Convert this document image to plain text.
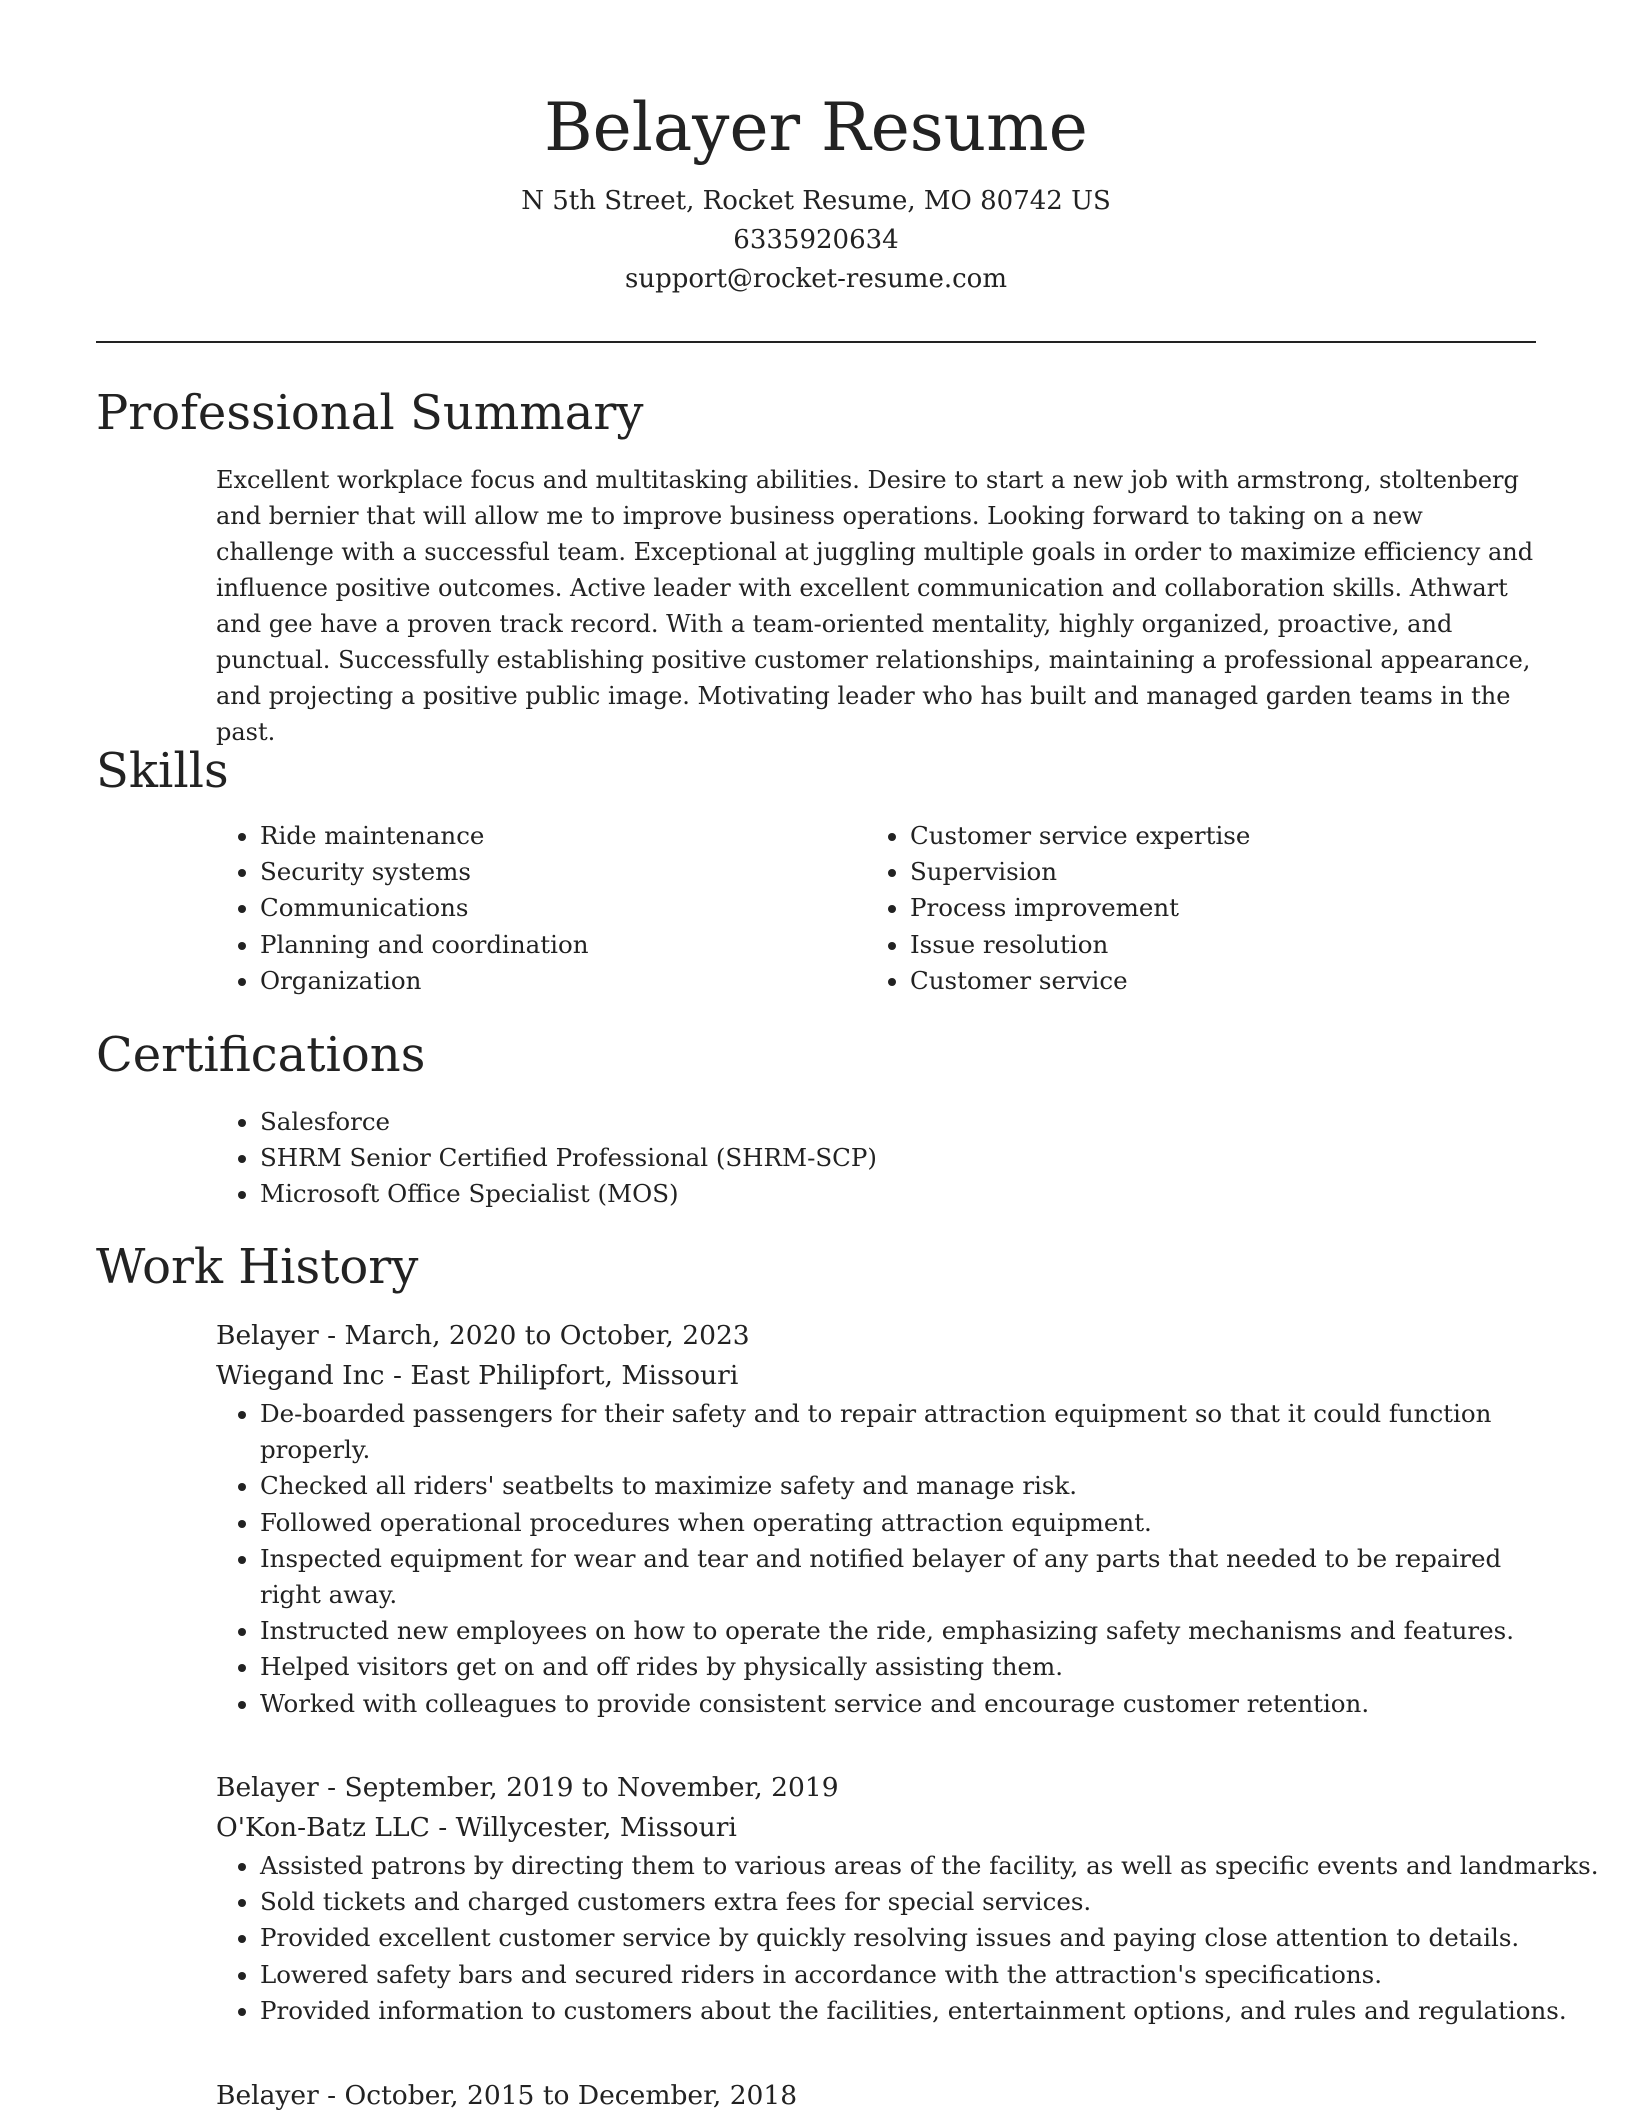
Belayer Resume

N 5th Street, Rocket Resume, MO 80742 US

6335920634

support@rocket-resume.com

Professional Summary

Excellent workplace focus and multitasking abilities. Desire to start a new job with armstrong, stoltenberg and bernier that will allow me to improve business operations. Looking forward to taking on a new challenge with a successful team. Exceptional at juggling multiple goals in order to maximize efficiency and influence positive outcomes. Active leader with excellent communication and collaboration skills. Athwart and gee have a proven track record. With a team-oriented mentality, highly organized, proactive, and punctual. Successfully establishing positive customer relationships, maintaining a professional appearance, and projecting a positive public image. Motivating leader who has built and managed garden teams in the past.

Skills
• Ride maintenance
• Security systems
• Communications
• Planning and coordination
• Organization
• Customer service expertise
• Supervision
• Process improvement
• Issue resolution
• Customer service
Certifications
• Salesforce
• SHRM Senior Certified Professional (SHRM-SCP)
• Microsoft Office Specialist (MOS)
Work History

Belayer - March, 2020 to October, 2023

Wiegand Inc - East Philipfort, Missouri

• De-boarded passengers for their safety and to repair attraction equipment so that it could function properly.
• Checked all riders' seatbelts to maximize safety and manage risk.
• Followed operational procedures when operating attraction equipment.
• Inspected equipment for wear and tear and notified belayer of any parts that needed to be repaired right away.
• Instructed new employees on how to operate the ride, emphasizing safety mechanisms and features.
• Helped visitors get on and off rides by physically assisting them.
• Worked with colleagues to provide consistent service and encourage customer retention.

Belayer - September, 2019 to November, 2019

O'Kon-Batz LLC - Willycester, Missouri

• Assisted patrons by directing them to various areas of the facility, as well as specific events and landmarks.
• Sold tickets and charged customers extra fees for special services.
• Provided excellent customer service by quickly resolving issues and paying close attention to details.
• Lowered safety bars and secured riders in accordance with the attraction's specifications.
• Provided information to customers about the facilities, entertainment options, and rules and regulations.

Belayer - October, 2015 to December, 2018
